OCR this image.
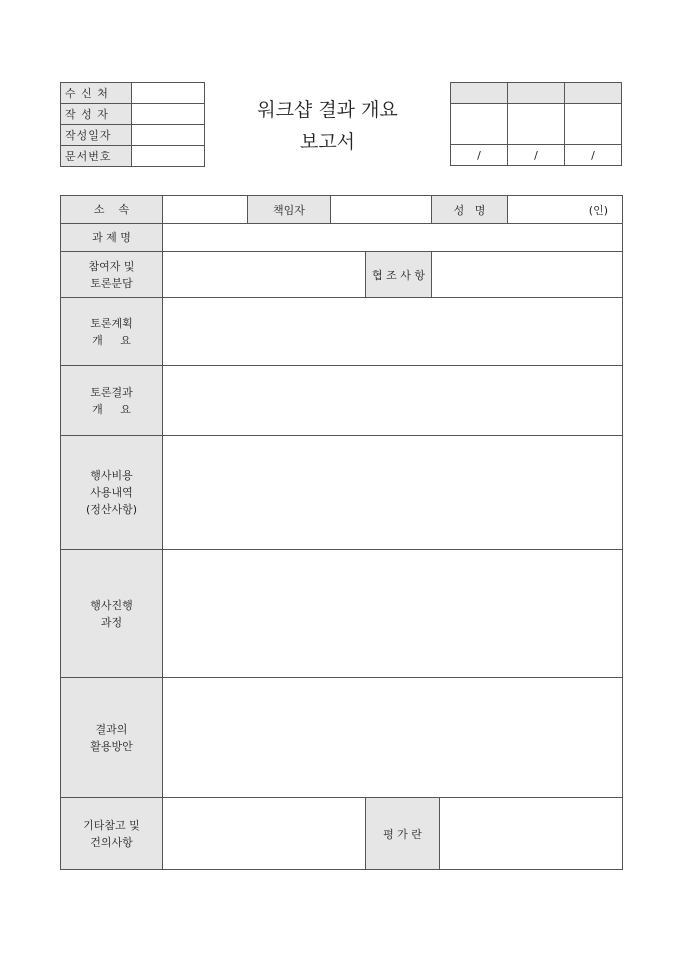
수 신 처	
작 성 자	
작성일자	
문서번호	
워크샵 결과 개요
보고서

/	/	/
소    속		책임자			성   명		(인)
과 제 명							

참여자 및
토론분담				협 조 사 항			

토론계획
개     요							

토론결과
개     요							

행사비용
사용내역
(정산사항)							

행사진행
과정							

결과의
활용방안							

기타참고 및
건의사항				평 가 란			
